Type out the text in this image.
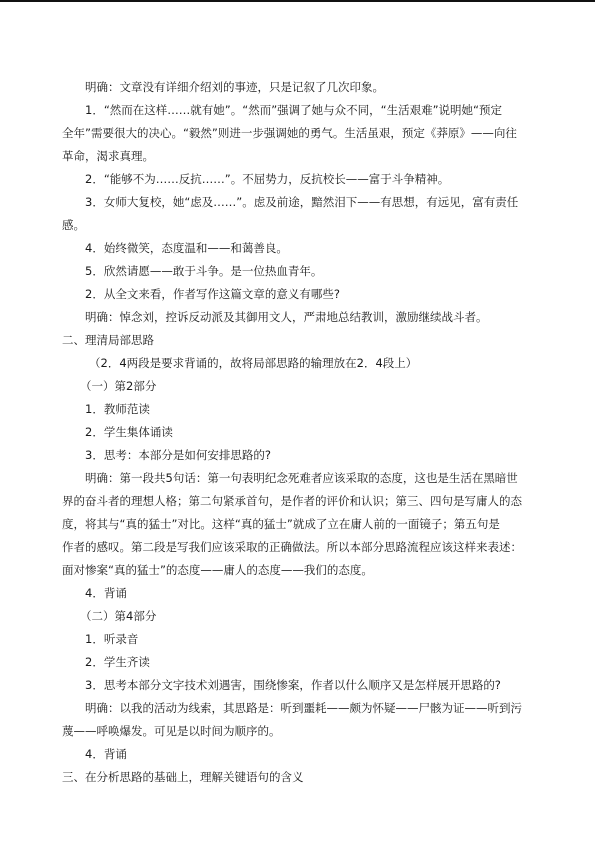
明确：文章没有详细介绍刘的事迹，只是记叙了几次印象。
1．“然而在这样……就有她”。“然而”强调了她与众不同，“生活艰难”说明她“预定
全年”需要很大的决心。“毅然”则进一步强调她的勇气。生活虽艰，预定《莽原》——向往
革命，渴求真理。
2．“能够不为……反抗……”。不屈势力，反抗校长——富于斗争精神。
3．女师大复校，她“虑及……”。虑及前途，黯然泪下——有思想，有远见，富有责任
感。
4．始终微笑，态度温和——和蔼善良。
5．欣然请愿——敢于斗争。是一位热血青年。
2．从全文来看，作者写作这篇文章的意义有哪些?
明确：悼念刘，控诉反动派及其御用文人，严肃地总结教训，激励继续战斗者。
二、理清局部思路
（2．4两段是要求背诵的，故将局部思路的输理放在2．4段上）
（一）第2部分
1．教师范读
2．学生集体诵读
3．思考：本部分是如何安排思路的?
明确：第一段共5句话：第一句表明纪念死难者应该采取的态度，这也是生活在黑暗世
界的奋斗者的理想人格；第二句紧承首句，是作者的评价和认识；第三、四句是写庸人的态
度，将其与“真的猛士”对比。这样“真的猛士”就成了立在庸人前的一面镜子；第五句是
作者的感叹。第二段是写我们应该采取的正确做法。所以本部分思路流程应该这样来表述：
面对惨案“真的猛士”的态度——庸人的态度——我们的态度。
4．背诵
（二）第4部分
1．听录音
2．学生齐读
3．思考本部分文字技术刘遇害，围绕惨案，作者以什么顺序又是怎样展开思路的?
明确：以我的活动为线索，其思路是：听到噩耗——颇为怀疑——尸骸为证——听到污
蔑——呼唤爆发。可见是以时间为顺序的。
4．背诵
三、在分析思路的基础上，理解关键语句的含义
